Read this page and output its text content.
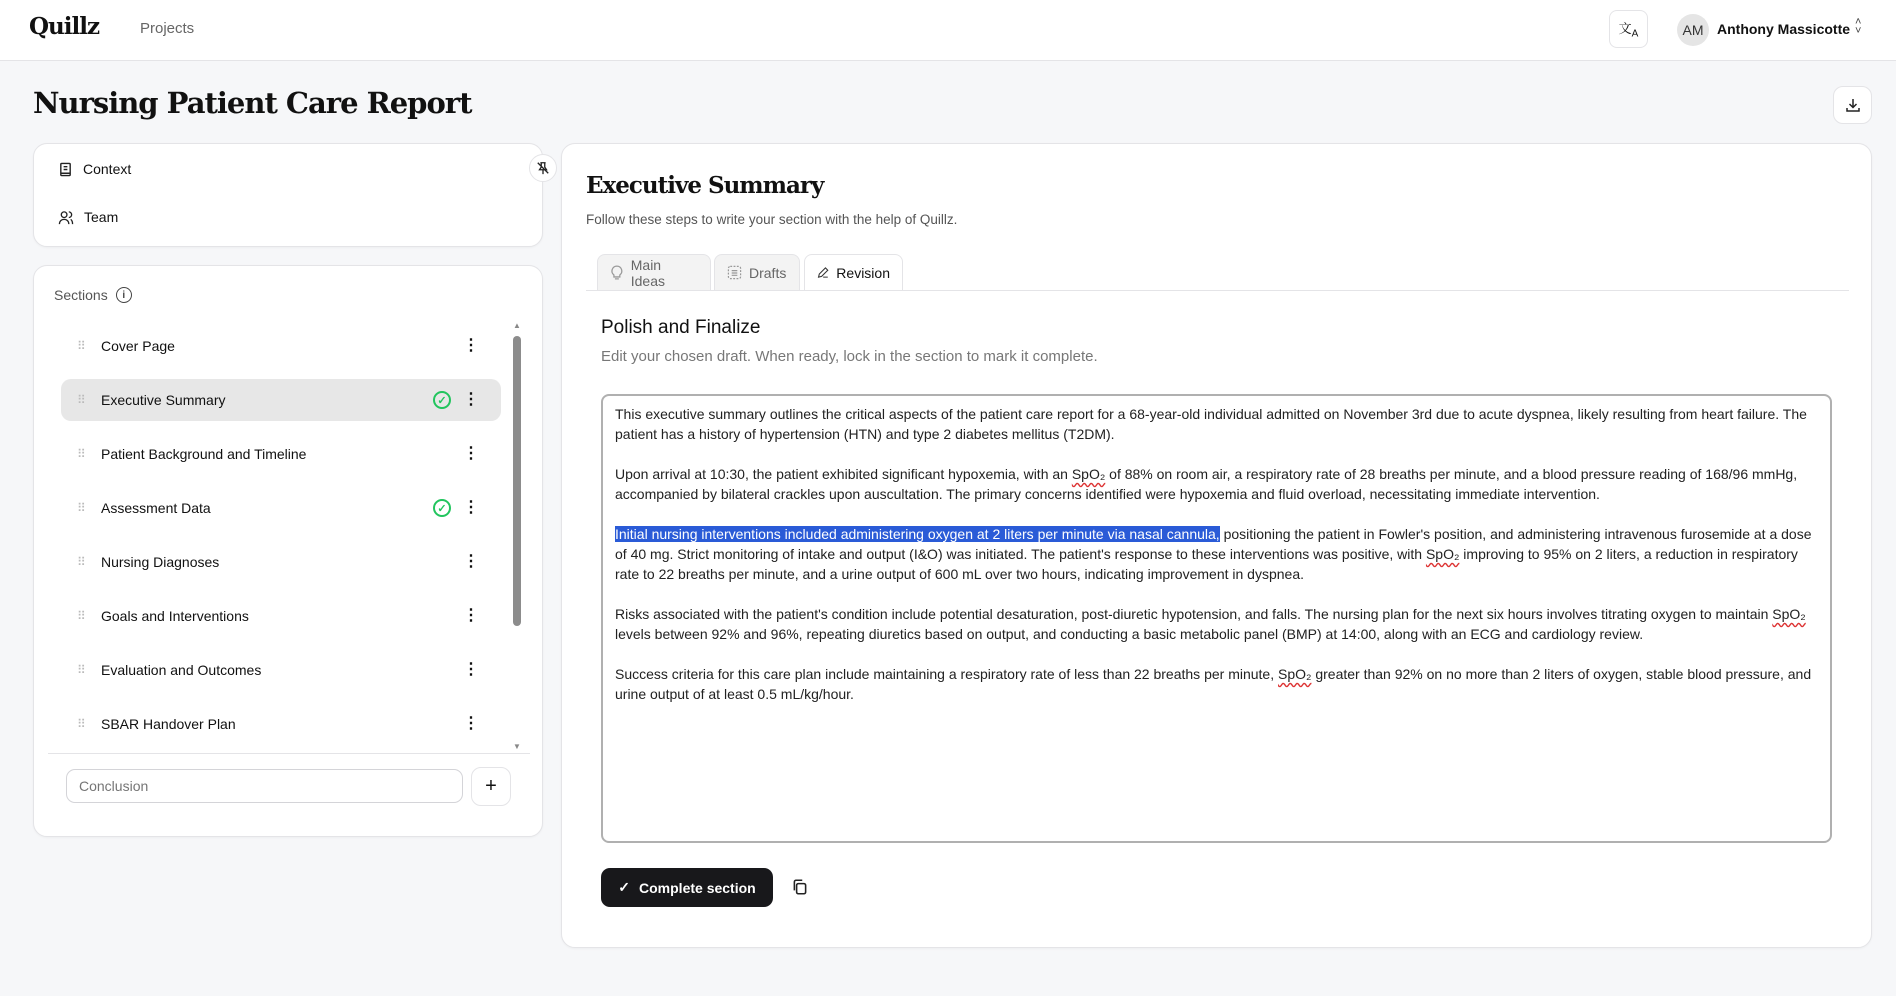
Quillz	Projects	文$_A$	AM Anthony Massicotte ˄
˅
Nursing Patient Care Report
Context
Team
Sections	i
⠿ Cover Page	⋮
⠿ Executive Summary	✓ ⋮
⠿ Patient Background and Timeline	⋮
⠿ Assessment Data	✓ ⋮
⠿ Nursing Diagnoses	⋮
⠿ Goals and Interventions	⋮
⠿ Evaluation and Outcomes	⋮
⠿ SBAR Handover Plan	⋮
▲
▼
Conclusion
+
Executive Summary
Follow these steps to write your section with the help of Quillz.
Main Ideas	Drafts	Revision
Polish and Finalize
Edit your chosen draft. When ready, lock in the section to mark it complete.

This executive summary outlines the critical aspects of the patient care report for a 68-year-old individual admitted on November 3rd due to acute dyspnea, likely resulting from heart failure. The patient has a history of hypertension (HTN) and type 2 diabetes mellitus (T2DM).

Upon arrival at 10:30, the patient exhibited significant hypoxemia, with an SpO₂ of 88% on room air, a respiratory rate of 28 breaths per minute, and a blood pressure reading of 168/96 mmHg, accompanied by bilateral crackles upon auscultation. The primary concerns identified were hypoxemia and fluid overload, necessitating immediate intervention.

Initial nursing interventions included administering oxygen at 2 liters per minute via nasal cannula, positioning the patient in Fowler's position, and administering intravenous furosemide at a dose of 40 mg. Strict monitoring of intake and output (I&O) was initiated. The patient's response to these interventions was positive, with SpO₂ improving to 95% on 2 liters, a reduction in respiratory rate to 22 breaths per minute, and a urine output of 600 mL over two hours, indicating improvement in dyspnea.

Risks associated with the patient's condition include potential desaturation, post-diuretic hypotension, and falls. The nursing plan for the next six hours involves titrating oxygen to maintain SpO₂ levels between 92% and 96%, repeating diuretics based on output, and conducting a basic metabolic panel (BMP) at 14:00, along with an ECG and cardiology review.

Success criteria for this care plan include maintaining a respiratory rate of less than 22 breaths per minute, SpO₂ greater than 92% on no more than 2 liters of oxygen, stable blood pressure, and urine output of at least 0.5 mL/kg/hour.

✓ Complete section
